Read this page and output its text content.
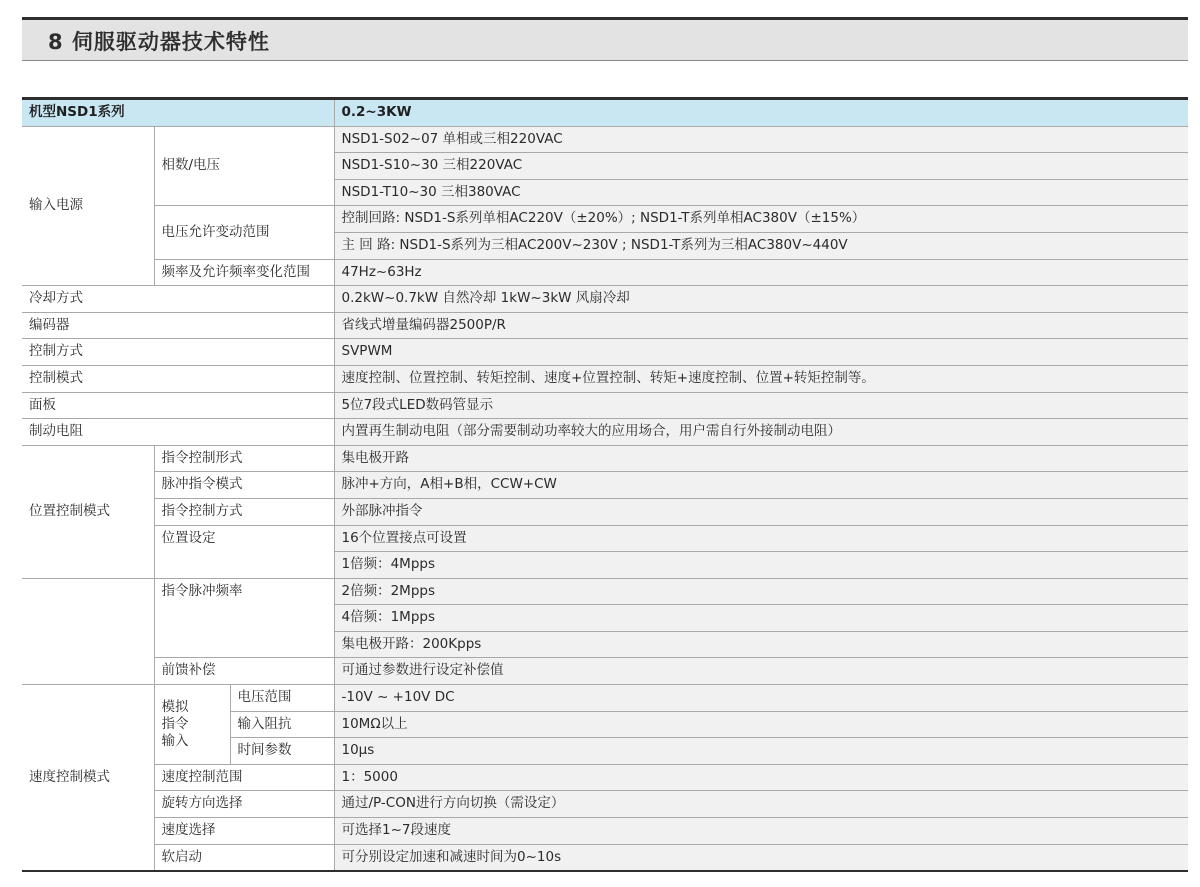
8 伺服驱动器技术特性
机型NSD1系列			0.2~3KW
输入电源	相数/电压		NSD1-S02~07 单相或三相220VAC
			NSD1-S10~30 三相220VAC
			NSD1-T10~30 三相380VAC
	电压允许变动范围		控制回路: NSD1-S系列单相AC220V（±20%）; NSD1-T系列单相AC380V（±15%）
			主 回 路: NSD1-S系列为三相AC200V~230V ; NSD1-T系列为三相AC380V~440V
	频率及允许频率变化范围		47Hz~63Hz
冷却方式			0.2kW~0.7kW 自然冷却 1kW~3kW 风扇冷却
编码器			省线式增量编码器2500P/R
控制方式			SVPWM
控制模式			速度控制、位置控制、转矩控制、速度+位置控制、转矩+速度控制、位置+转矩控制等。
面板			5位7段式LED数码管显示
制动电阻			内置再生制动电阻（部分需要制动功率较大的应用场合，用户需自行外接制动电阻）
位置控制模式	指令控制形式		集电极开路
	脉冲指令模式		脉冲+方向，A相+B相，CCW+CW
	指令控制方式		外部脉冲指令
	位置设定		16个位置接点可设置
			1倍频：4Mpps
	指令脉冲频率		2倍频：2Mpps
			4倍频：1Mpps
			集电极开路：200Kpps
	前馈补偿		可通过参数进行设定补偿值
速度控制模式	模拟
指令
输入	电压范围	-10V ~ +10V DC
		输入阻抗	10MΩ以上
		时间参数	10μs
	速度控制范围		1：5000
	旋转方向选择		通过/P-CON进行方向切换（需设定）
	速度选择		可选择1~7段速度
	软启动		可分别设定加速和减速时间为0~10s
